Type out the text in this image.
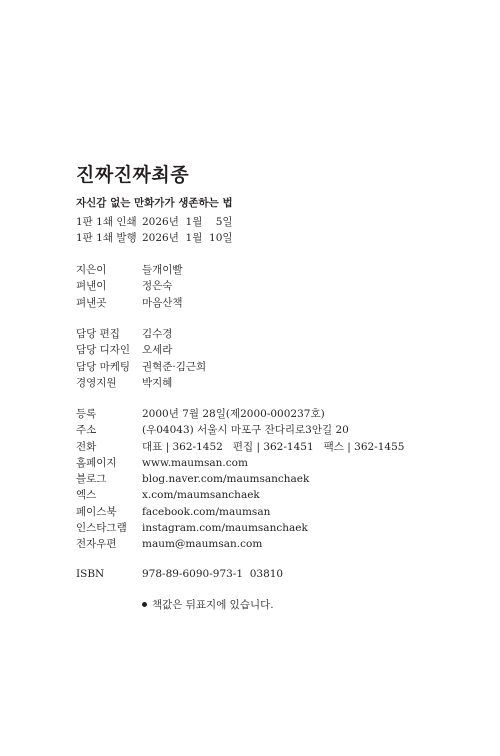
진짜진짜최종
자신감 없는 만화가가 생존하는 법
1판 1쇄 인쇄 2026년  1월    5일
1판 1쇄 발행 2026년  1월  10일
지은이	들개이빨
펴낸이	정은숙
펴낸곳	마음산책
담당 편집 김수경
담당 디자인 오세라
담당 마케팅 권혁준·김근희
경영지원 박지혜
등록	2000년 7월 28일(제2000-000237호)
주소	(우04043) 서울시 마포구 잔다리로3안길 20
전화	대표 | 362-1452   편집 | 362-1451   팩스 | 362-1455
홈페이지 www.maumsan.com
블로그	blog.naver.com/maumsanchaek
엑스	x.com/maumsanchaek
페이스북 facebook.com/maumsan
인스타그램 instagram.com/maumsanchaek
전자우편 maum@maumsan.com
ISBN	978-89-6090-973-1  03810
책값은 뒤표지에 있습니다.
